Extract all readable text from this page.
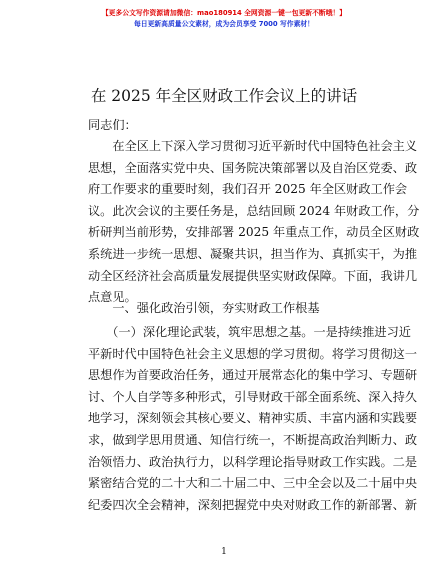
【更多公文写作资源请加微信：mao180914 全网资源一键一包更新不断哦！】
每日更新高质量公文素材，成为会员享受 7000 写作素材！
在 2025 年全区财政工作会议上的讲话
同志们：
　　在全区上下深入学习贯彻习近平新时代中国特色社会主义
思想，全面落实党中央、国务院决策部署以及自治区党委、政
府工作要求的重要时刻，我们召开 2025 年全区财政工作会
议。此次会议的主要任务是，总结回顾 2024 年财政工作，分
析研判当前形势，安排部署 2025 年重点工作，动员全区财政
系统进一步统一思想、凝聚共识，担当作为、真抓实干，为推
动全区经济社会高质量发展提供坚实财政保障。下面，我讲几
点意见。
　　一、强化政治引领，夯实财政工作根基
　　（一）深化理论武装，筑牢思想之基。一是持续推进习近
平新时代中国特色社会主义思想的学习贯彻。将学习贯彻这一
思想作为首要政治任务，通过开展常态化的集中学习、专题研
讨、个人自学等多种形式，引导财政干部全面系统、深入持久
地学习，深刻领会其核心要义、精神实质、丰富内涵和实践要
求，做到学思用贯通、知信行统一，不断提高政治判断力、政
治领悟力、政治执行力，以科学理论指导财政工作实践。二是
紧密结合党的二十大和二十届二中、三中全会以及二十届中央
纪委四次全会精神，深刻把握党中央对财政工作的新部署、新
1
